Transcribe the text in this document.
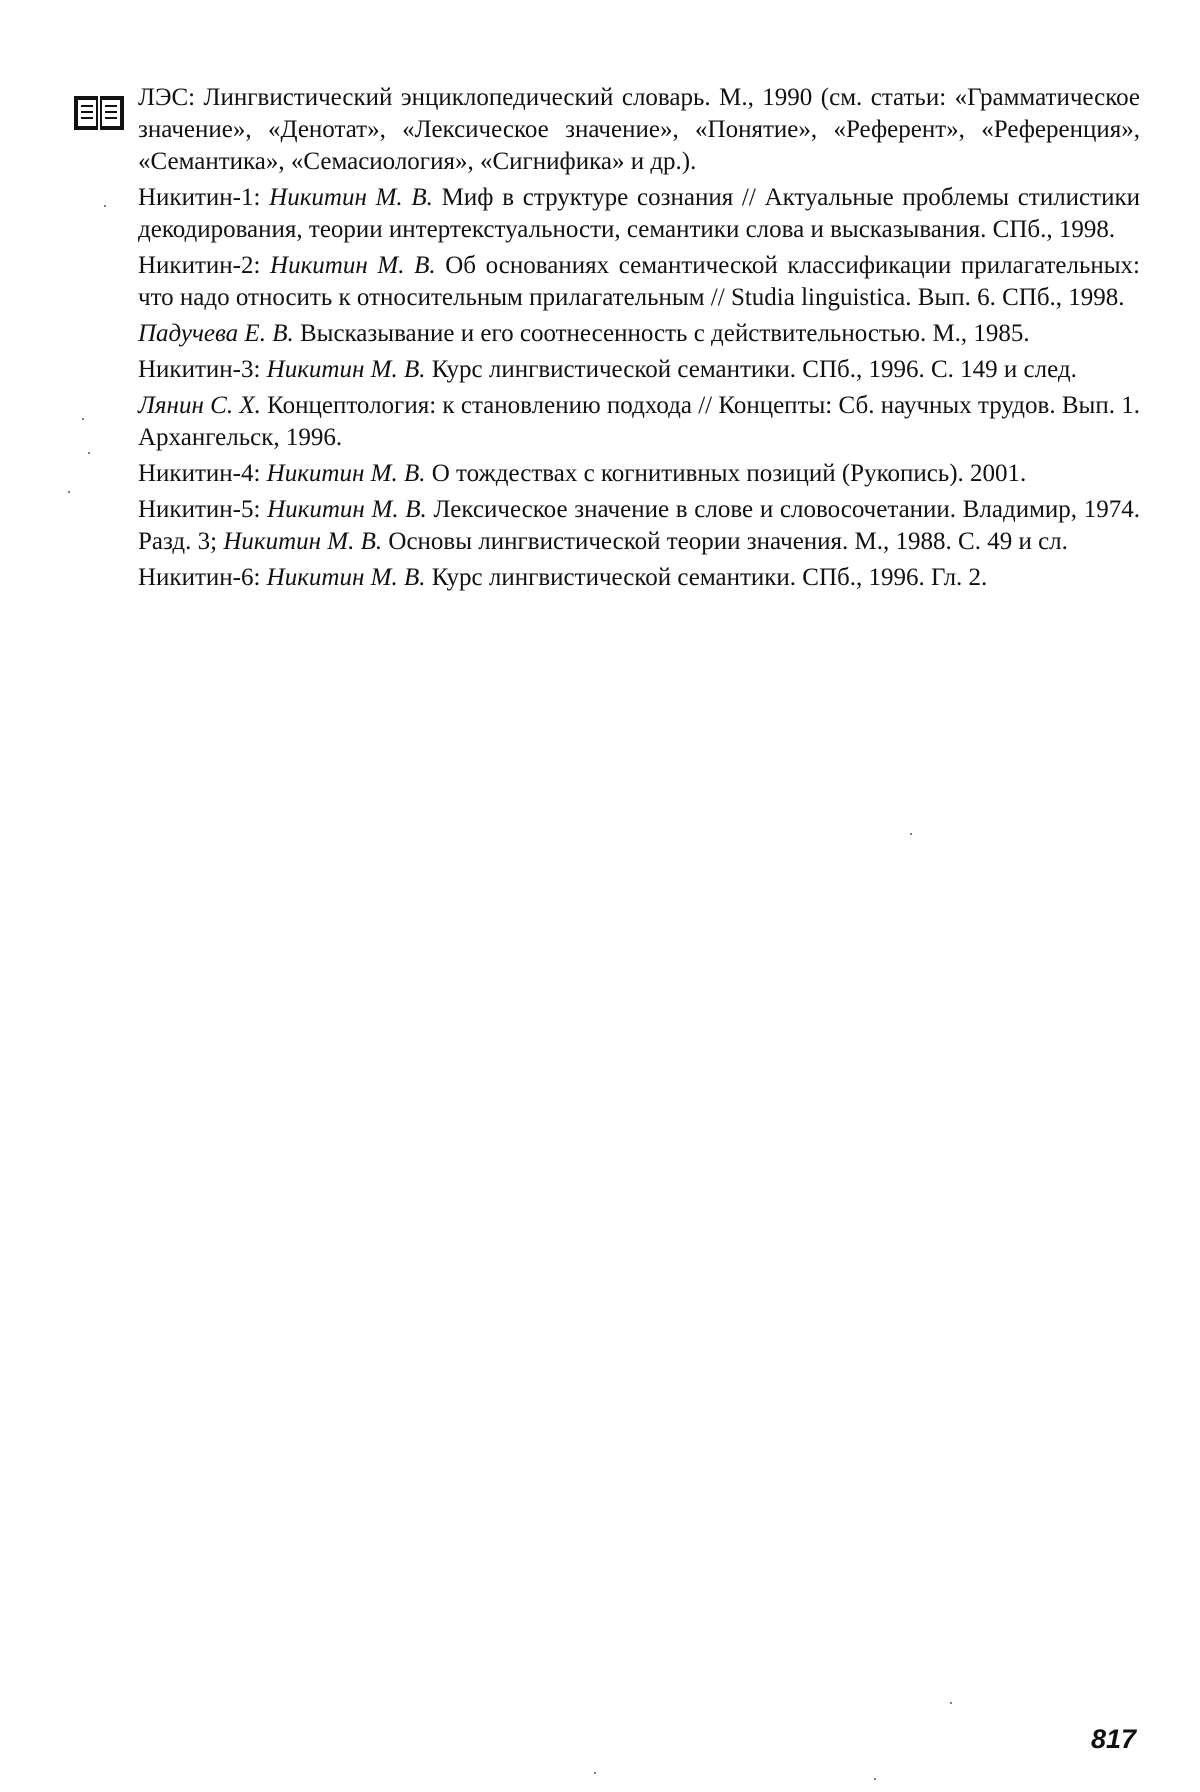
ЛЭС: Лингвистический энциклопедический словарь. М., 1990 (см. статьи: «Грамматическое значение», «Денотат», «Лексическое значение», «Понятие», «Референт», «Референция», «Семантика», «Семасиология», «Сигнифика» и др.).

Никитин-1: Никитин М. В. Миф в структуре сознания // Актуальные проблемы стилистики декодирования, теории интертекстуальности, семантики слова и высказывания. СПб., 1998.

Никитин-2: Никитин М. В. Об основаниях семантической классификации прилагательных: что надо относить к относительным прилагательным // Studia linguistica. Вып. 6. СПб., 1998.

Падучева Е. В. Высказывание и его соотнесенность с действительностью. М., 1985.

Никитин-3: Никитин М. В. Курс лингвистической семантики. СПб., 1996. С. 149 и след.

Лянин С. Х. Концептология: к становлению подхода // Концепты: Сб. научных трудов. Вып. 1. Архангельск, 1996.

Никитин-4: Никитин М. В. О тождествах с когнитивных позиций (Рукопись). 2001.

Никитин-5: Никитин М. В. Лексическое значение в слове и словосочетании. Владимир, 1974. Разд. 3; Никитин М. В. Основы лингвистической теории значения. М., 1988. С. 49 и сл.

Никитин-6: Никитин М. В. Курс лингвистической семантики. СПб., 1996. Гл. 2.

817
